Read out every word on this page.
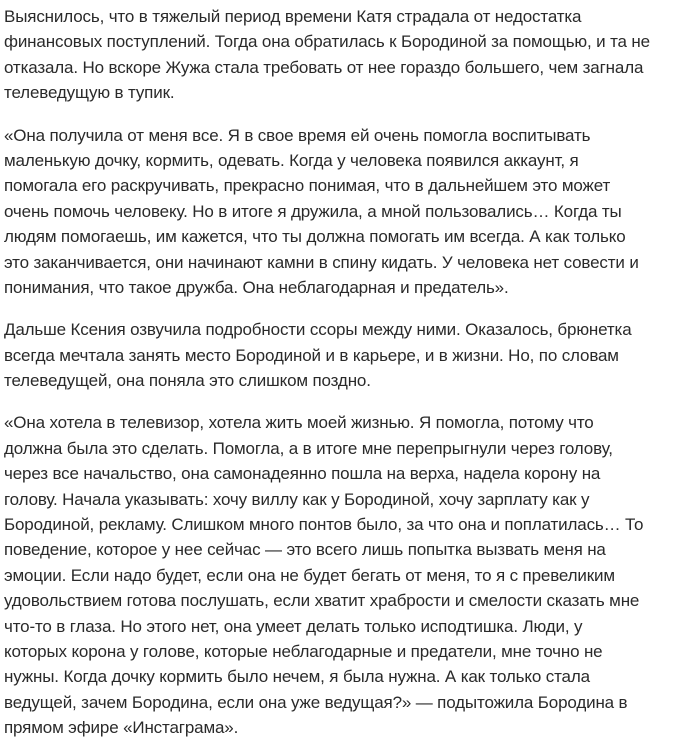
Выяснилось, что в тяжелый период времени Катя страдала от недостатка
финансовых поступлений. Тогда она обратилась к Бородиной за помощью, и та не
отказала. Но вскоре Жужа стала требовать от нее гораздо большего, чем загнала
телеведущую в тупик.

«Она получила от меня все. Я в свое время ей очень помогла воспитывать
маленькую дочку, кормить, одевать. Когда у человека появился аккаунт, я
помогала его раскручивать, прекрасно понимая, что в дальнейшем это может
очень помочь человеку. Но в итоге я дружила, а мной пользовались… Когда ты
людям помогаешь, им кажется, что ты должна помогать им всегда. А как только
это заканчивается, они начинают камни в спину кидать. У человека нет совести и
понимания, что такое дружба. Она неблагодарная и предатель».

Дальше Ксения озвучила подробности ссоры между ними. Оказалось, брюнетка
всегда мечтала занять место Бородиной и в карьере, и в жизни. Но, по словам
телеведущей, она поняла это слишком поздно.

«Она хотела в телевизор, хотела жить моей жизнью. Я помогла, потому что
должна была это сделать. Помогла, а в итоге мне перепрыгнули через голову,
через все начальство, она самонадеянно пошла на верха, надела корону на
голову. Начала указывать: хочу виллу как у Бородиной, хочу зарплату как у
Бородиной, рекламу. Слишком много понтов было, за что она и поплатилась… То
поведение, которое у нее сейчас — это всего лишь попытка вызвать меня на
эмоции. Если надо будет, если она не будет бегать от меня, то я с превеликим
удовольствием готова послушать, если хватит храбрости и смелости сказать мне
что-то в глаза. Но этого нет, она умеет делать только исподтишка. Люди, у
которых корона у голове, которые неблагодарные и предатели, мне точно не
нужны. Когда дочку кормить было нечем, я была нужна. А как только стала
ведущей, зачем Бородина, если она уже ведущая?» — подытожила Бородина в
прямом эфире «Инстаграма».
